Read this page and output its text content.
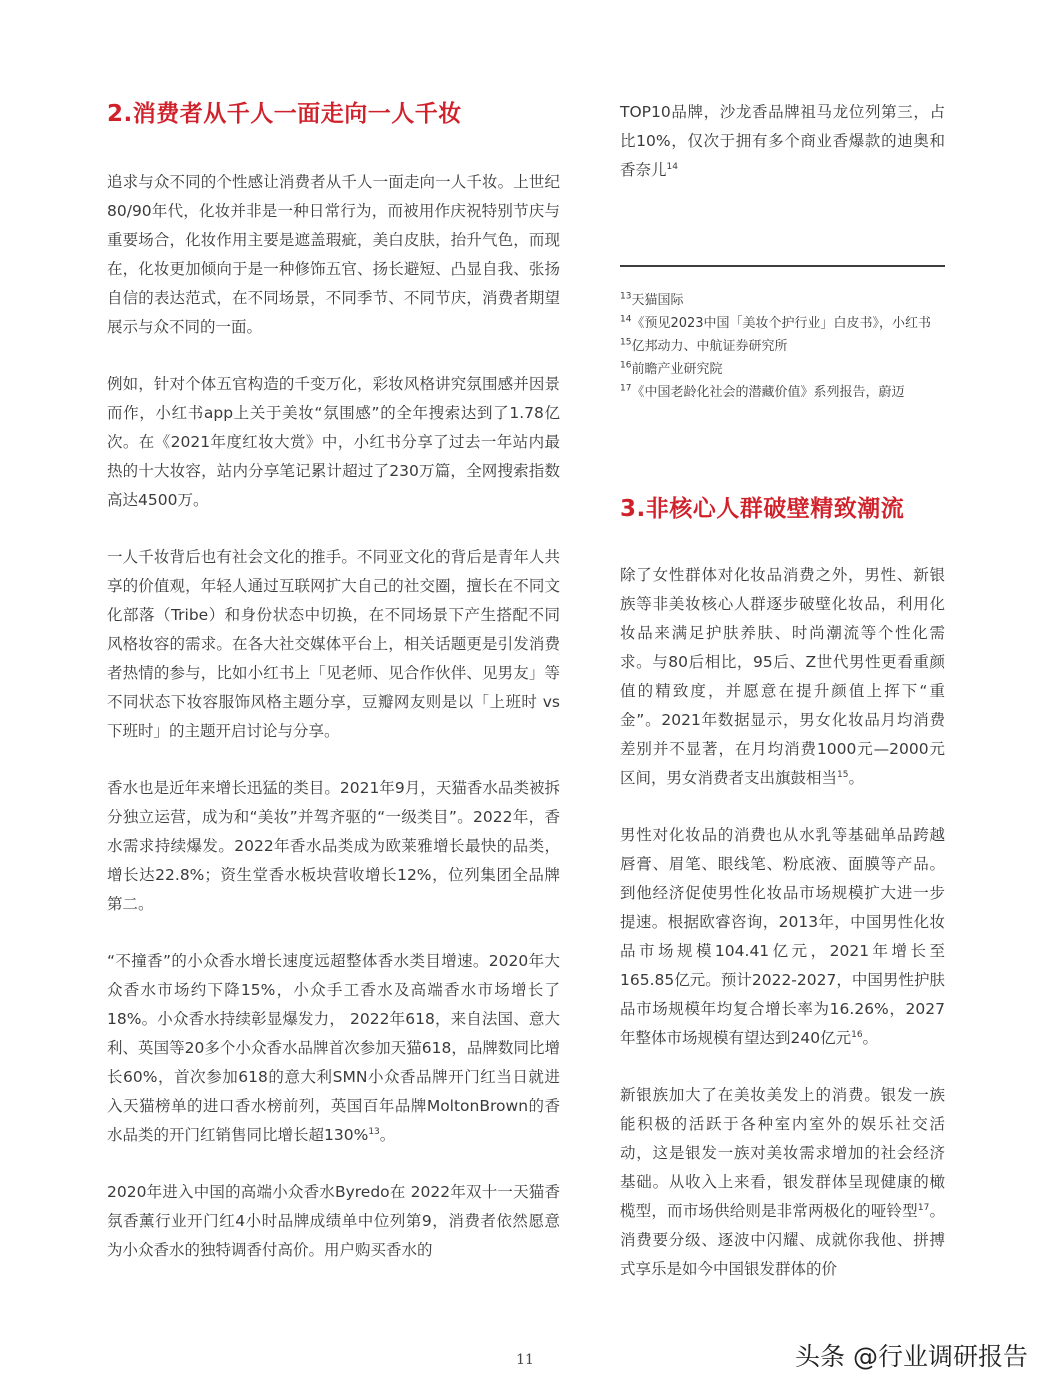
2.消费者从千人一面走向一人千妆

追求与众不同的个性感让消费者从千人一面走向一人千妆。上世纪80/90年代，化妆并非是一种日常行为，而被用作庆祝特别节庆与重要场合，化妆作用主要是遮盖瑕疵，美白皮肤，抬升气色，而现在，化妆更加倾向于是一种修饰五官、扬长避短、凸显自我、张扬自信的表达范式，在不同场景，不同季节、不同节庆，消费者期望展示与众不同的一面。

例如，针对个体五官构造的千变万化，彩妆风格讲究氛围感并因景而作，小红书app上关于美妆“氛围感”的全年搜索达到了1.78亿次。在《2021年度红妆大赏》中，小红书分享了过去一年站内最热的十大妆容，站内分享笔记累计超过了230万篇，全网搜索指数高达4500万。

一人千妆背后也有社会文化的推手。不同亚文化的背后是青年人共享的价值观，年轻人通过互联网扩大自己的社交圈，擅长在不同文化部落（Tribe）和身份状态中切换，在不同场景下产生搭配不同风格妆容的需求。在各大社交媒体平台上，相关话题更是引发消费者热情的参与，比如小红书上「见老师、见合作伙伴、见男友」等不同状态下妆容服饰风格主题分享，豆瓣网友则是以「上班时 vs 下班时」的主题开启讨论与分享。

香水也是近年来增长迅猛的类目。2021年9月，天猫香水品类被拆分独立运营，成为和“美妆”并驾齐驱的“一级类目”。2022年，香水需求持续爆发。2022年香水品类成为欧莱雅增长最快的品类，增长达22.8%；资生堂香水板块营收增长12%，位列集团全品牌第二。

“不撞香”的小众香水增长速度远超整体香水类目增速。2020年大众香水市场约下降15%，小众手工香水及高端香水市场增长了18%。小众香水持续彰显爆发力， 2022年618，来自法国、意大利、英国等20多个小众香水品牌首次参加天猫618，品牌数同比增长60%，首次参加618的意大利SMN小众香品牌开门红当日就进入天猫榜单的进口香水榜前列，英国百年品牌MoltonBrown的香水品类的开门红销售同比增长超130%$^{13}$。

2020年进入中国的高端小众香水Byredo在 2022年双十一天猫香氛香薰行业开门红4小时品牌成绩单中位列第9，消费者依然愿意为小众香水的独特调香付高价。用户购买香水的

TOP10品牌，沙龙香品牌祖马龙位列第三，占比10%，仅次于拥有多个商业香爆款的迪奥和香奈儿$^{14}$

$^{13}$天猫国际
$^{14}$《预见2023中国「美妆个护行业」白皮书》，小红书
$^{15}$亿邦动力、中航证券研究所
$^{16}$前瞻产业研究院
$^{17}$《中国老龄化社会的潜藏价值》系列报告，蔚迈
3.非核心人群破壁精致潮流

除了女性群体对化妆品消费之外，男性、新银族等非美妆核心人群逐步破壁化妆品，利用化妆品来满足护肤养肤、时尚潮流等个性化需求。与80后相比，95后、Z世代男性更看重颜值的精致度，并愿意在提升颜值上挥下“重金”。2021年数据显示，男女化妆品月均消费差别并不显著，在月均消费1000元—2000元区间，男女消费者支出旗鼓相当$^{15}$。

男性对化妆品的消费也从水乳等基础单品跨越唇膏、眉笔、眼线笔、粉底液、面膜等产品。到他经济促使男性化妆品市场规模扩大进一步提速。根据欧睿咨询，2013年，中国男性化妆品市场规模104.41亿元，2021年增长至165.85亿元。预计2022-2027，中国男性护肤品市场规模年均复合增长率为16.26%，2027年整体市场规模有望达到240亿元$^{16}$。

新银族加大了在美妆美发上的消费。银发一族能积极的活跃于各种室内室外的娱乐社交活动，这是银发一族对美妆需求增加的社会经济基础。从收入上来看，银发群体呈现健康的橄榄型，而市场供给则是非常两极化的哑铃型$^{17}$。消费要分级、逐波中闪耀、成就你我他、拼搏式享乐是如今中国银发群体的价

11	头条 @行业调研报告
